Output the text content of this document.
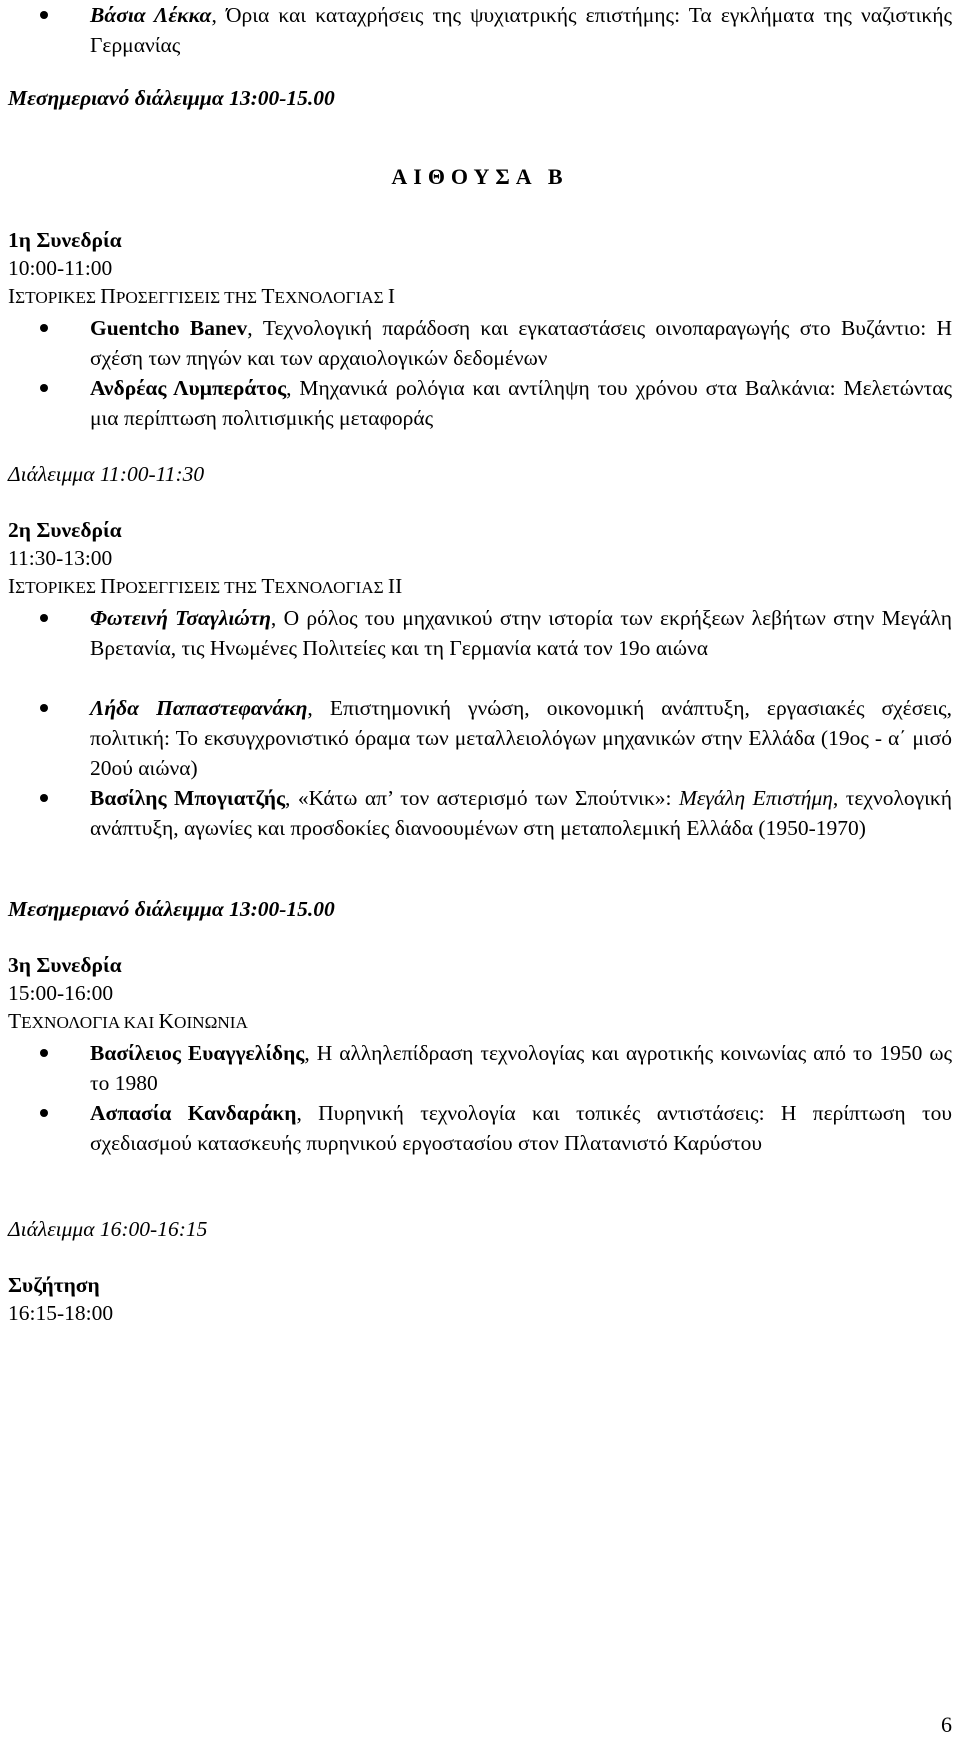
Βάσια Λέκκα, Όρια και καταχρήσεις της ψυχιατρικής επιστήμης: Τα εγκλήματα της ναζιστικής Γερμανίας
Μεσημεριανό διάλειμμα 13:00-15.00
ΑΙΘΟΥΣΑ Β
1η Συνεδρία
10:00-11:00
ΙΣΤΟΡΙΚΕΣ ΠΡΟΣΕΓΓΙΣΕΙΣ ΤΗΣ ΤΕΧΝΟΛΟΓΙΑΣ Ι
Guentcho Banev, Τεχνολογική παράδοση και εγκαταστάσεις οινοπαραγωγής στο Βυζάντιο: Η σχέση των πηγών και των αρχαιολογικών δεδομένων
Ανδρέας Λυμπεράτος, Μηχανικά ρολόγια και αντίληψη του χρόνου στα Βαλκάνια: Μελετώντας μια περίπτωση πολιτισμικής μεταφοράς
Διάλειμμα 11:00-11:30
2η Συνεδρία
11:30-13:00
ΙΣΤΟΡΙΚΕΣ ΠΡΟΣΕΓΓΙΣΕΙΣ ΤΗΣ ΤΕΧΝΟΛΟΓΙΑΣ ΙΙ
Φωτεινή Τσαγλιώτη, Ο ρόλος του μηχανικού στην ιστορία των εκρήξεων λεβήτων στην Μεγάλη Βρετανία, τις Ηνωμένες Πολιτείες και τη Γερμανία κατά τον 19ο αιώνα
Λήδα Παπαστεφανάκη, Επιστημονική γνώση, οικονομική ανάπτυξη, εργασιακές σχέσεις, πολιτική: Το εκσυγχρονιστικό όραμα των μεταλλειολόγων μηχανικών στην Ελλάδα (19ος - α΄ μισό 20ού αιώνα)
Βασίλης Μπογιατζής, «Κάτω απ’ τον αστερισμό των Σπούτνικ»: Μεγάλη Επιστήμη, τεχνολογική ανάπτυξη, αγωνίες και προσδοκίες διανοουμένων στη μεταπολεμική Ελλάδα (1950-1970)
Μεσημεριανό διάλειμμα 13:00-15.00
3η Συνεδρία
15:00-16:00
ΤΕΧΝΟΛΟΓΙΑ ΚΑΙ ΚΟΙΝΩΝΙΑ
Βασίλειος Ευαγγελίδης, Η αλληλεπίδραση τεχνολογίας και αγροτικής κοινωνίας από το 1950 ως το 1980
Ασπασία Κανδαράκη, Πυρηνική τεχνολογία και τοπικές αντιστάσεις: Η περίπτωση του σχεδιασμού κατασκευής πυρηνικού εργοστασίου στον Πλατανιστό Καρύστου
Διάλειμμα 16:00-16:15
Συζήτηση
16:15-18:00
6
